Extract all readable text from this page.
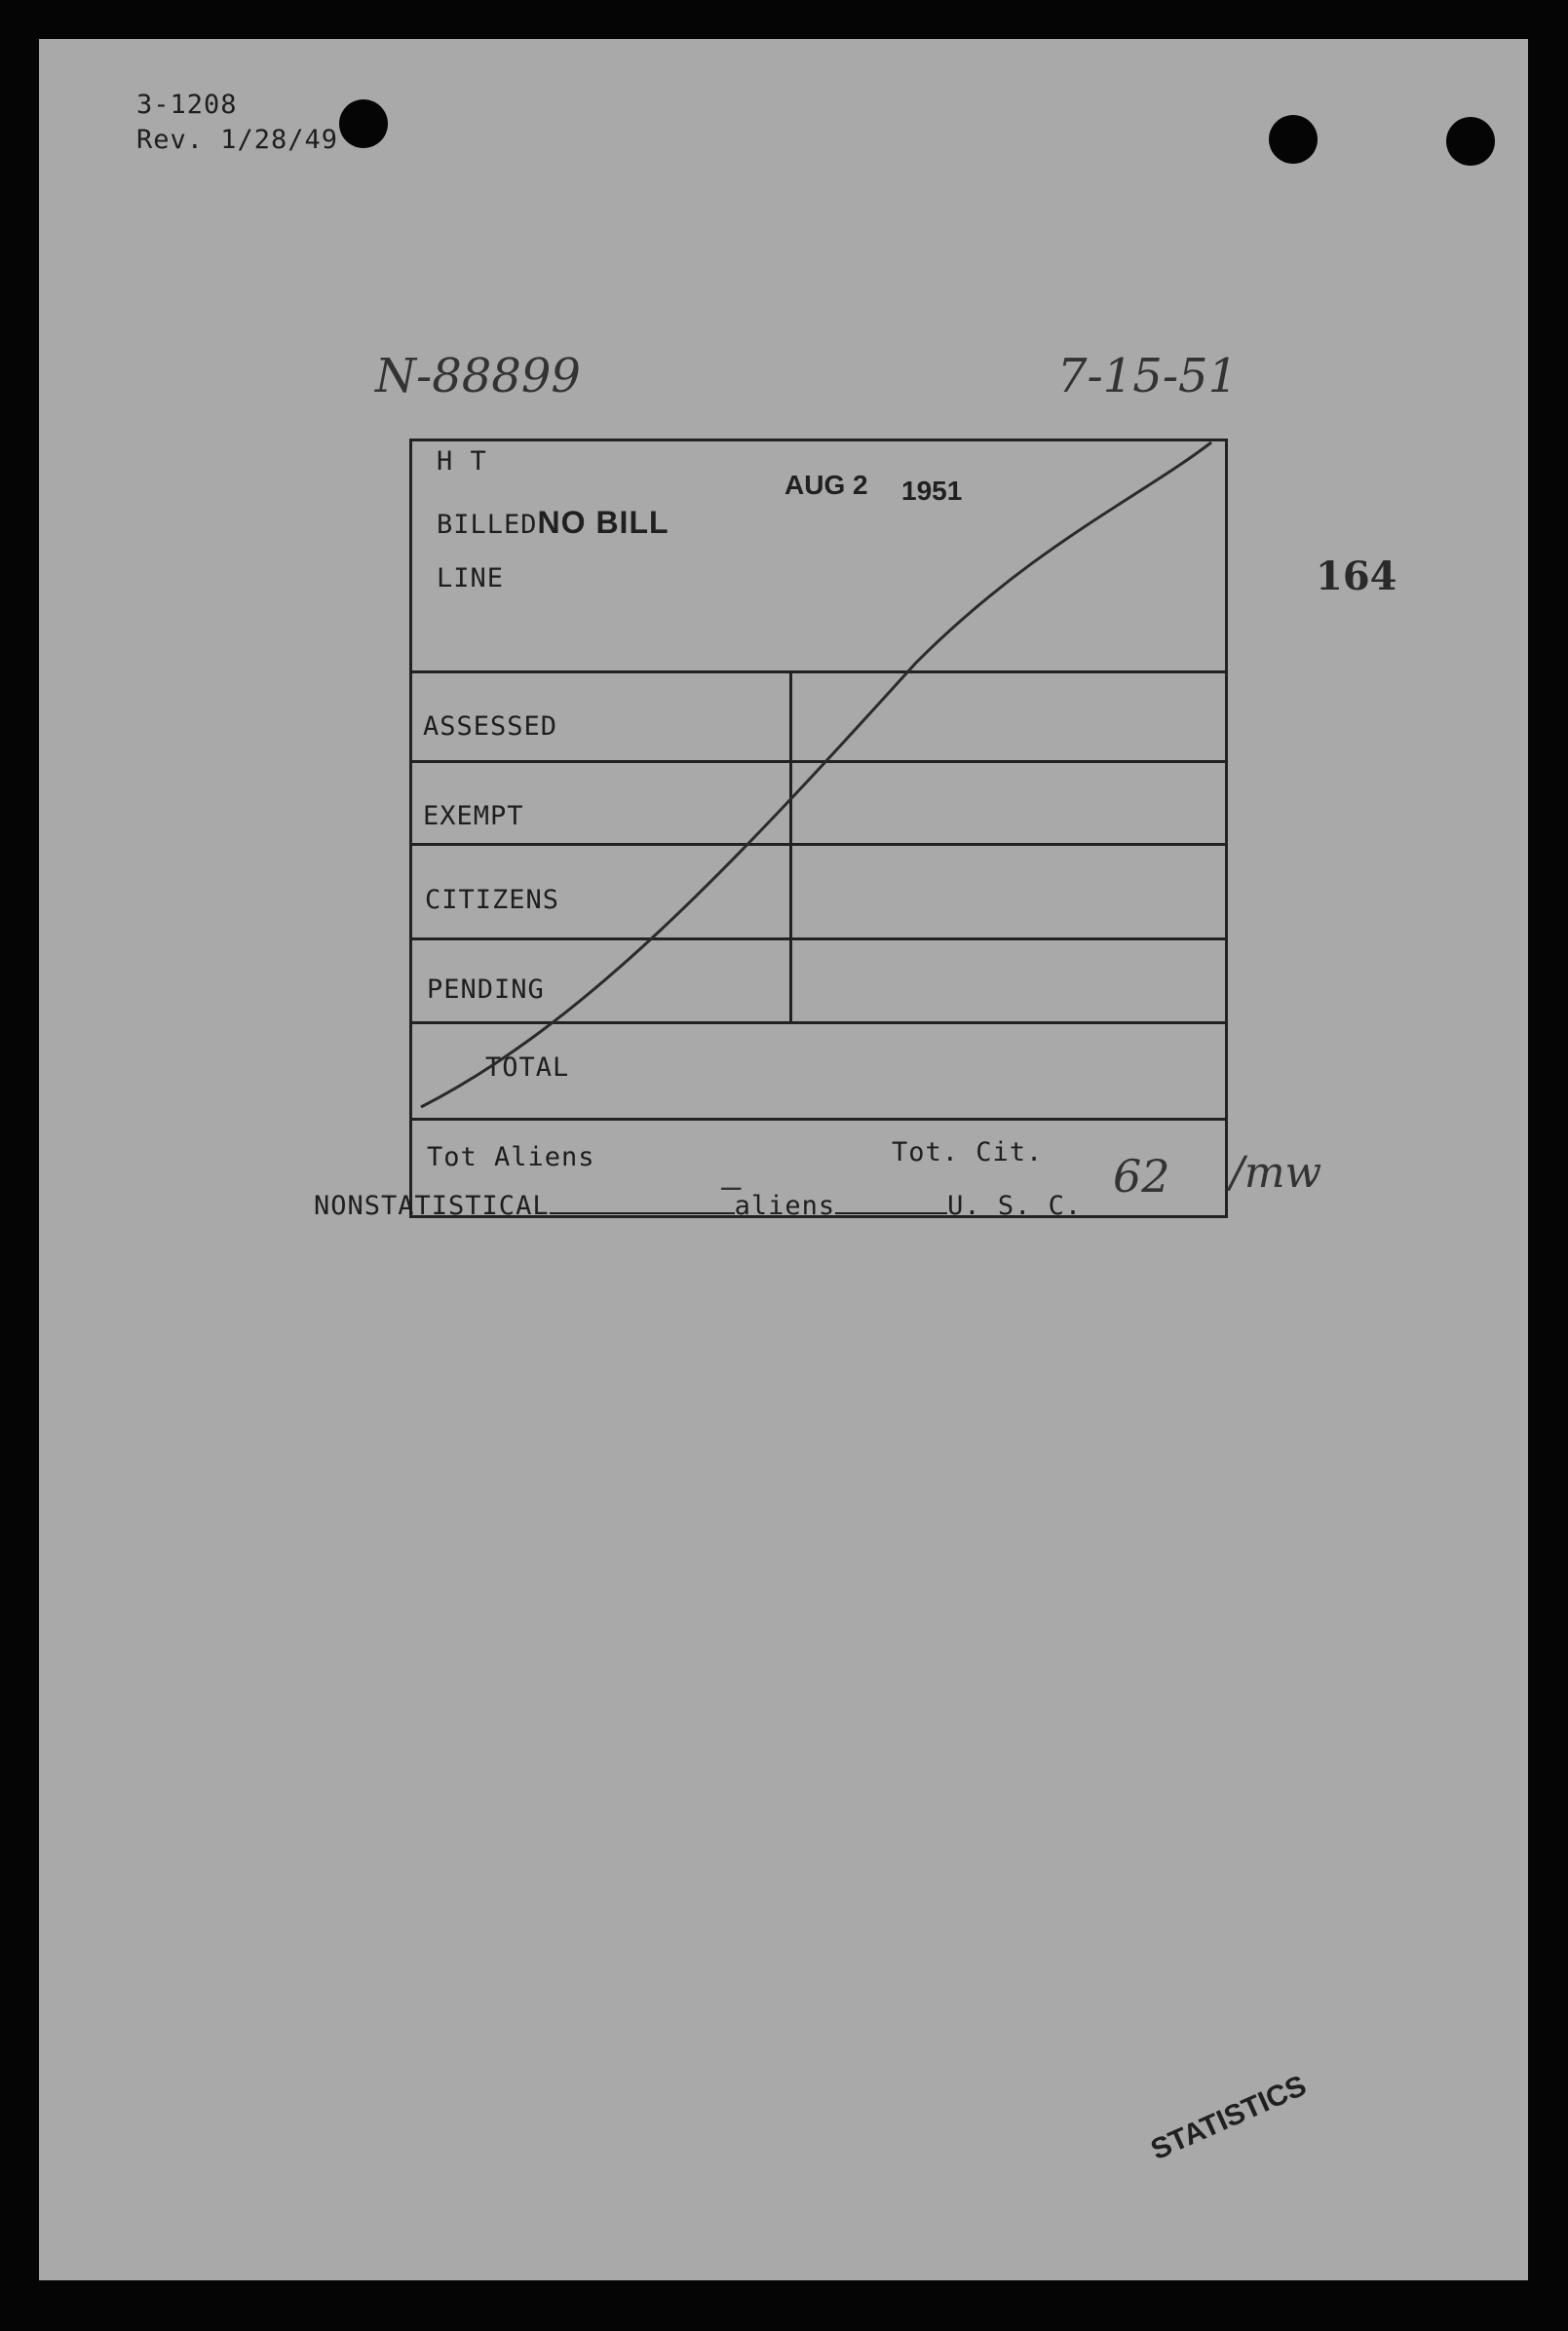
3-1208
Rev. 1/28/49
N-88899	7-15-51
164
H T
BILLEDNO BILL
LINE
AUG 2 1951
ASSESSED
EXEMPT
CITIZENS
PENDING
TOTAL
Tot Aliens	Tot. Cit.
—	62 /mw
NONSTATISTICAL	aliens	U. S. C.
STATISTICS
